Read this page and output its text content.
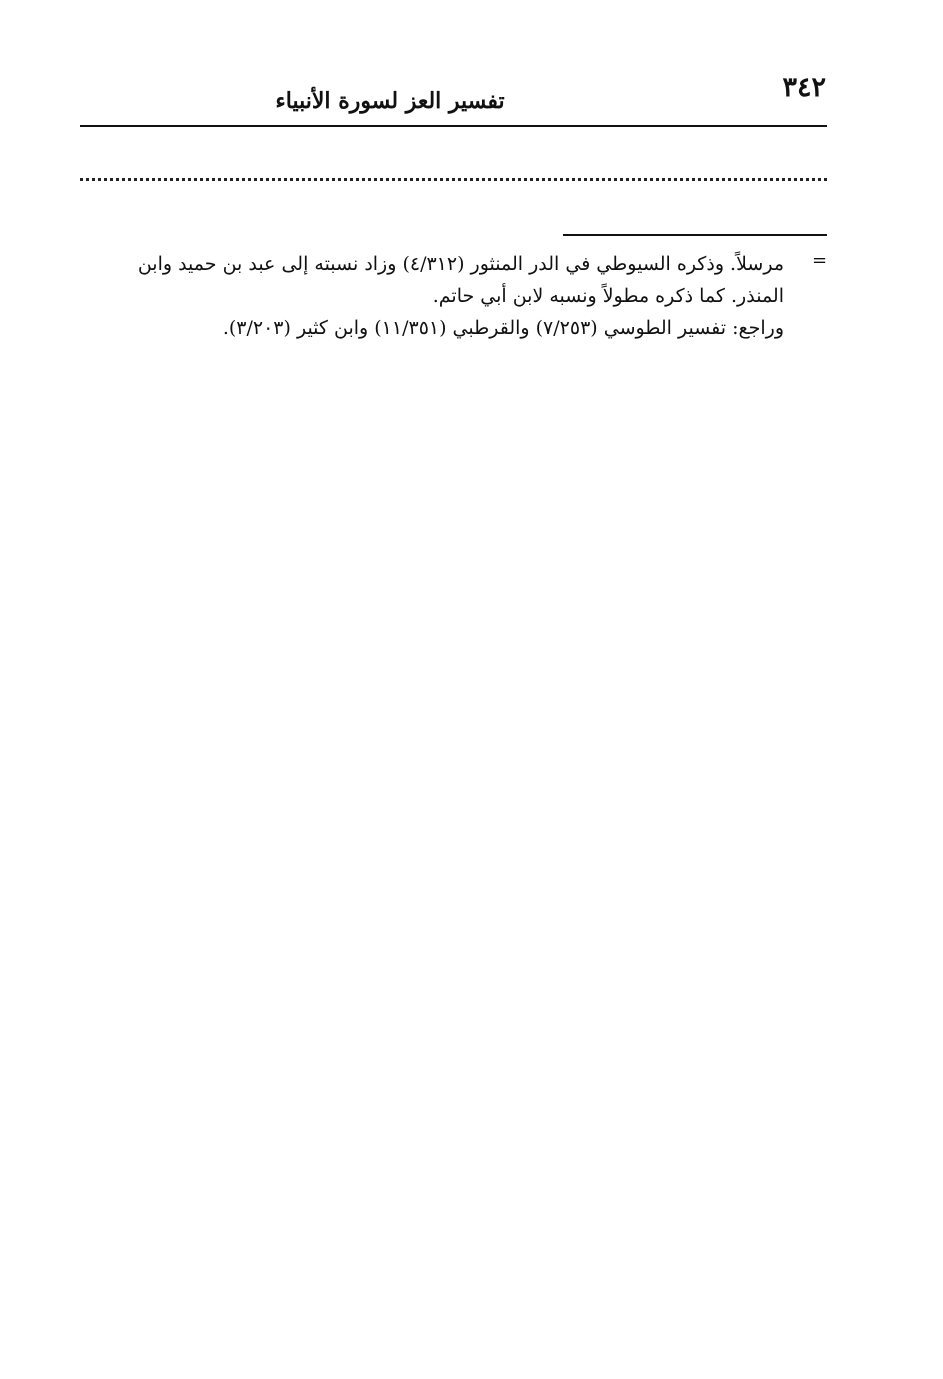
٣٤٢
تفسير العز لسورة الأنبياء
=

مرسلاً. وذكره السيوطي في الدر المنثور (٤/٣١٢) وزاد نسبته إلى عبد بن حميد وابن

المنذر. كما ذكره مطولاً ونسبه لابن أبي حاتم.

وراجع: تفسير الطوسي (٧/٢٥٣) والقرطبي (١١/٣٥١) وابن كثير (٣/٢٠٣).
